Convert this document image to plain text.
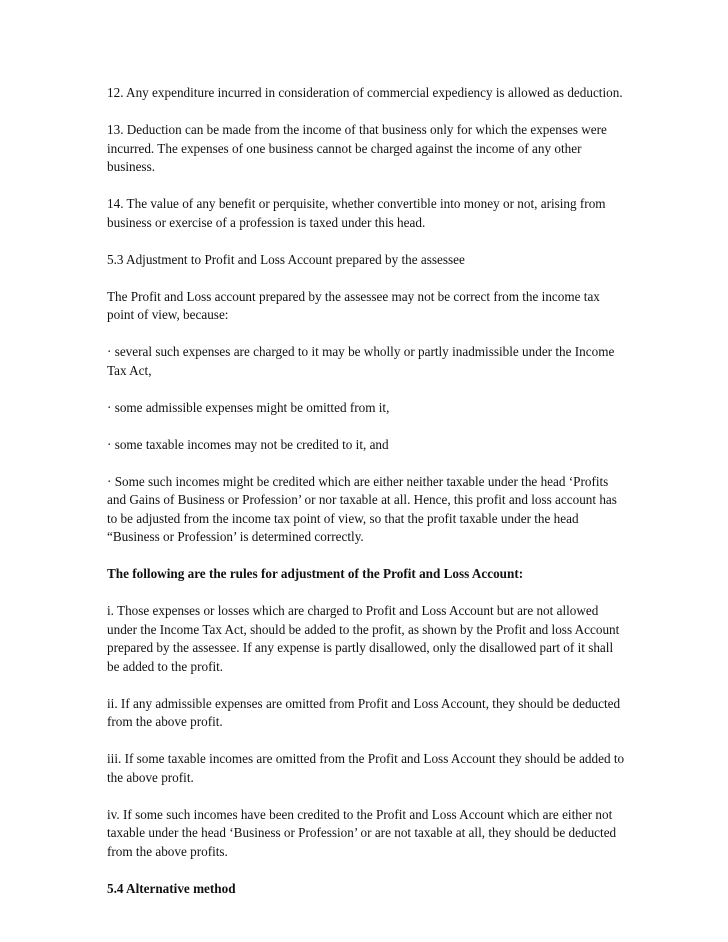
12. Any expenditure incurred in consideration of commercial expediency is allowed as deduction.

13. Deduction can be made from the income of that business only for which the expenses were incurred. The expenses of one business cannot be charged against the income of any other business.

14. The value of any benefit or perquisite, whether convertible into money or not, arising from business or exercise of a profession is taxed under this head.

5.3 Adjustment to Profit and Loss Account prepared by the assessee

The Profit and Loss account prepared by the assessee may not be correct from the income tax point of view, because:

· several such expenses are charged to it may be wholly or partly inadmissible under the Income Tax Act,

· some admissible expenses might be omitted from it,

· some taxable incomes may not be credited to it, and

· Some such incomes might be credited which are either neither taxable under the head ‘Profits and Gains of Business or Profession’ or nor taxable at all. Hence, this profit and loss account has to be adjusted from the income tax point of view, so that the profit taxable under the head “Business or Profession’ is determined correctly.

The following are the rules for adjustment of the Profit and Loss Account:

i. Those expenses or losses which are charged to Profit and Loss Account but are not allowed under the Income Tax Act, should be added to the profit, as shown by the Profit and loss Account prepared by the assessee. If any expense is partly disallowed, only the disallowed part of it shall be added to the profit.

ii. If any admissible expenses are omitted from Profit and Loss Account, they should be deducted from the above profit.

iii. If some taxable incomes are omitted from the Profit and Loss Account they should be added to the above profit.

iv. If some such incomes have been credited to the Profit and Loss Account which are either not taxable under the head ‘Business or Profession’ or are not taxable at all, they should be deducted from the above profits.

5.4 Alternative method
